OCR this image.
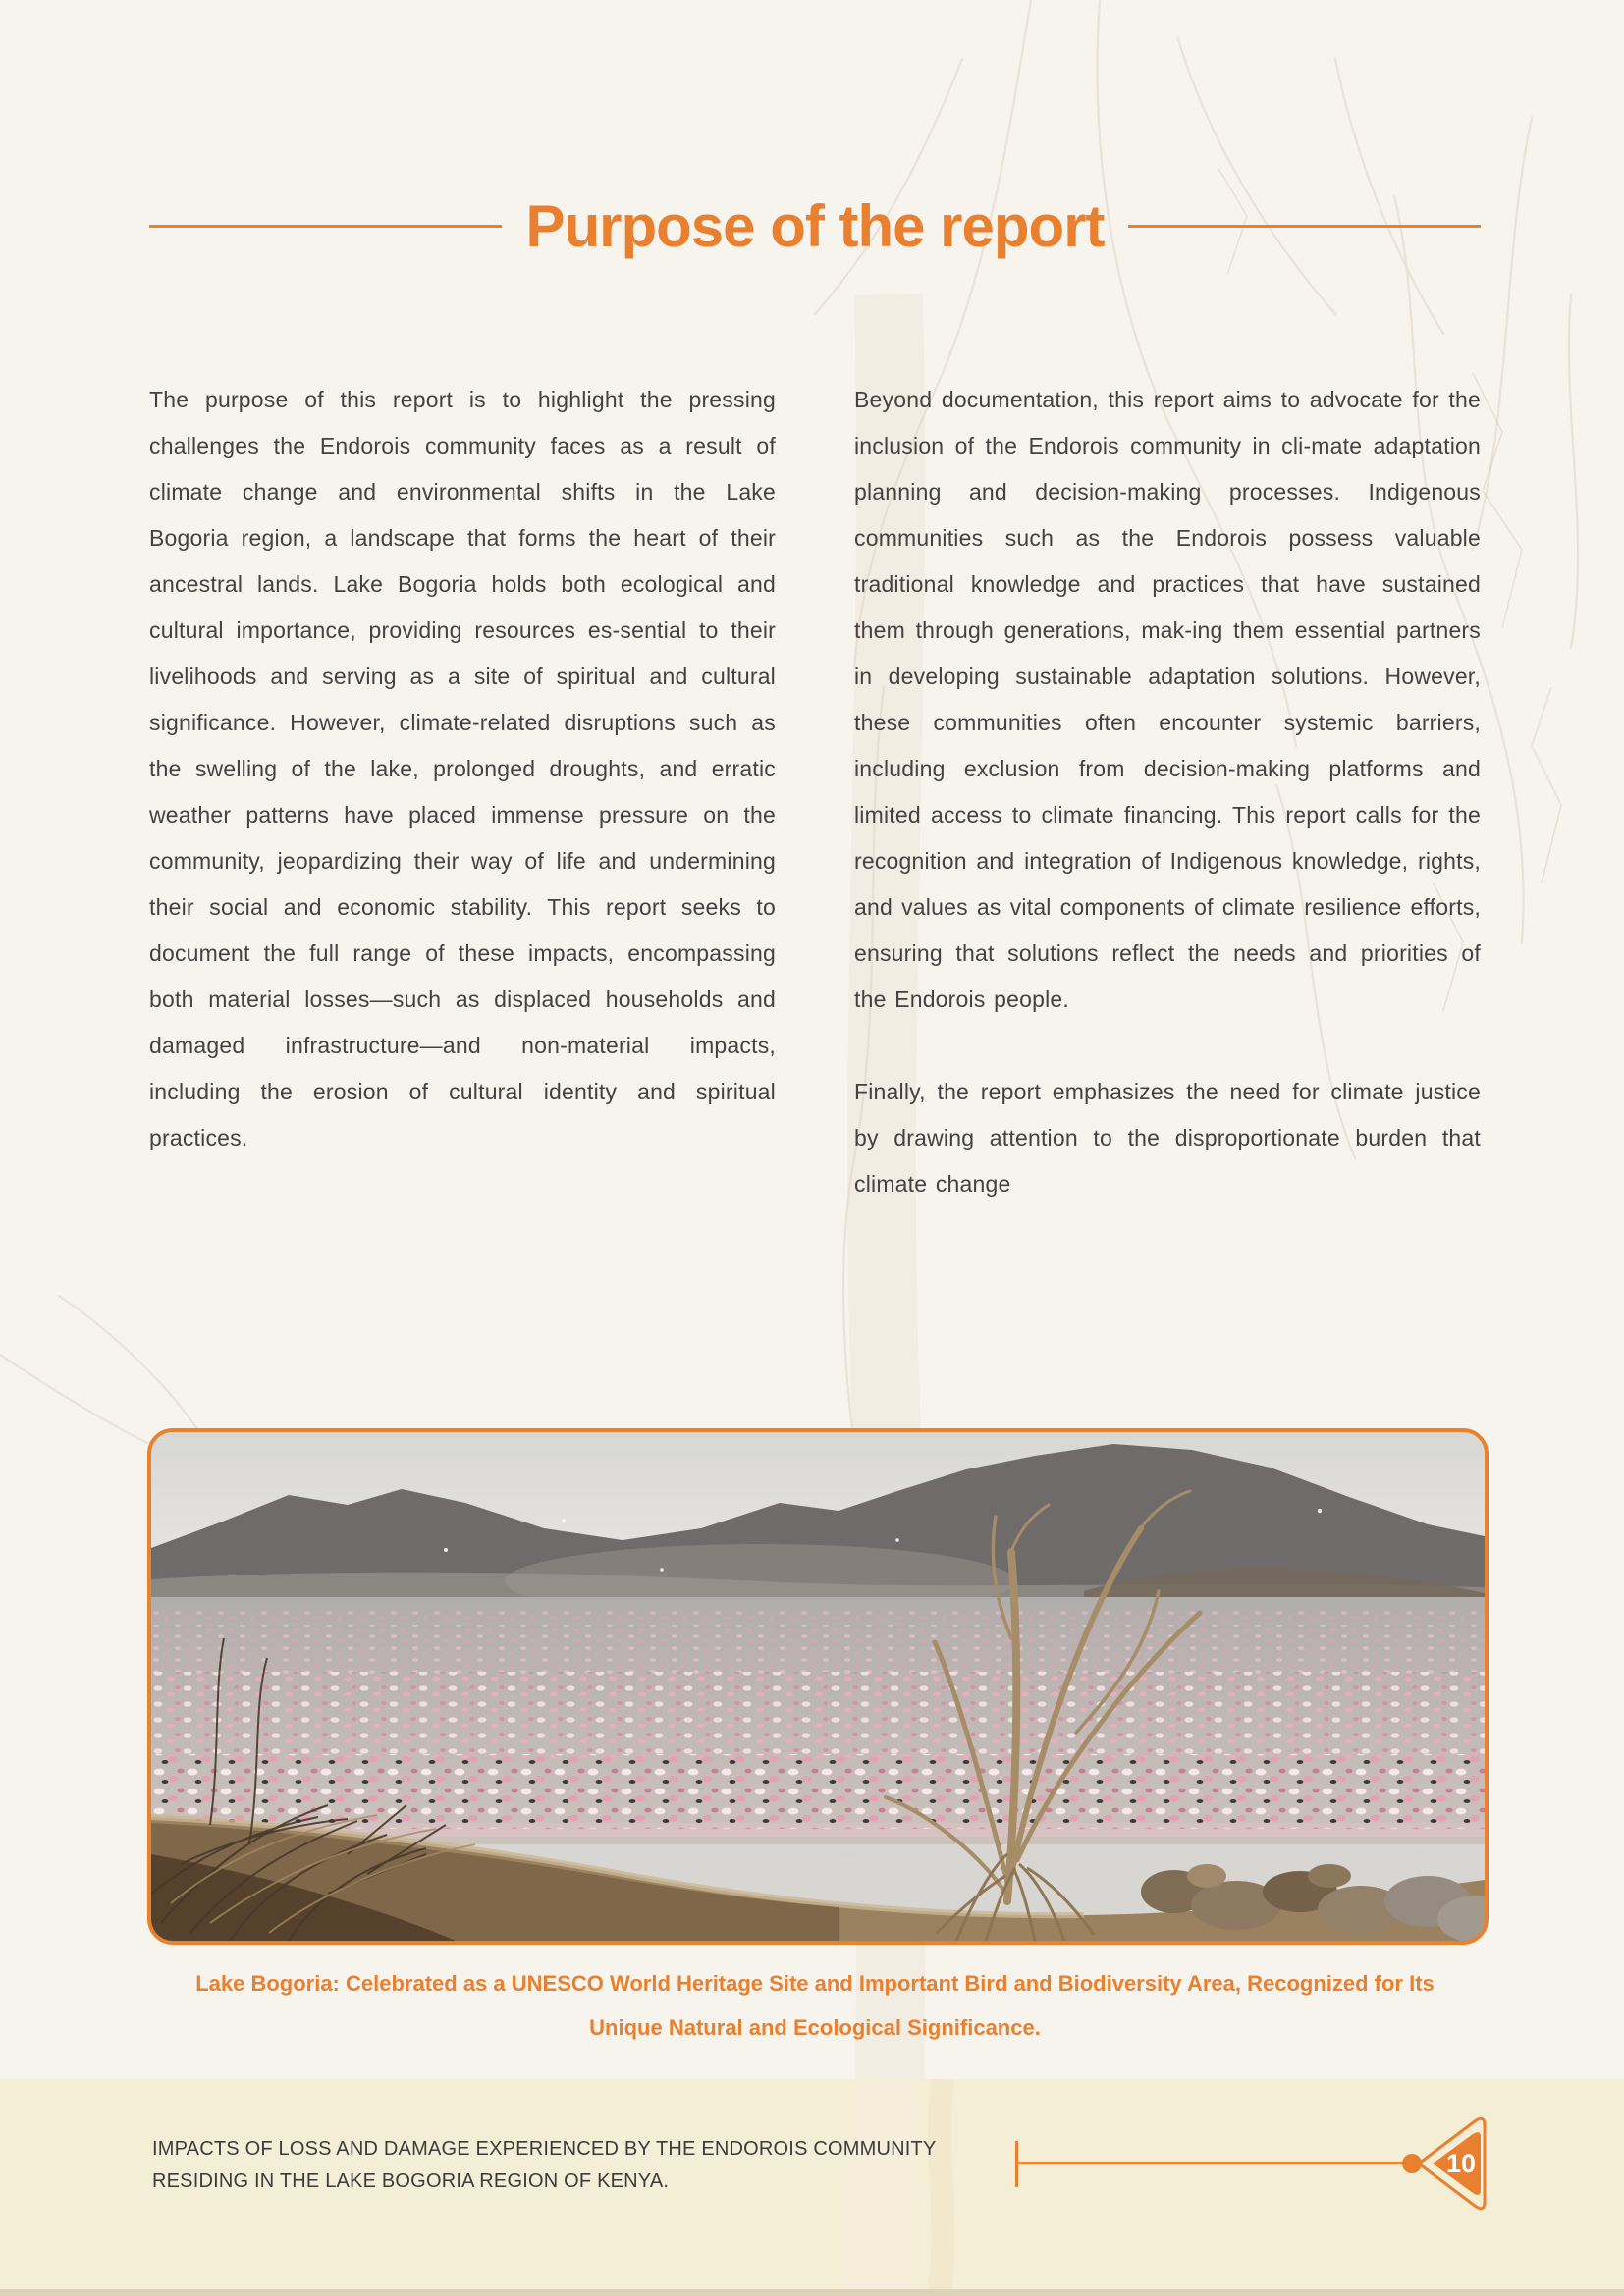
Purpose of the report

The purpose of this report is to highlight the pressing challenges the Endorois community faces as a result of climate change and environmental shifts in the Lake Bogoria region, a landscape that forms the heart of their ancestral lands. Lake Bogoria holds both ecological and cultural importance, providing resources es-sential to their livelihoods and serving as a site of spiritual and cultural significance. However, climate-related disruptions such as the swelling of the lake, prolonged droughts, and erratic weather patterns have placed immense pressure on the community, jeopardizing their way of life and undermining their social and economic stability. This report seeks to document the full range of these impacts, encompassing both material losses—such as displaced households and damaged infrastructure—and non-material impacts, including the erosion of cultural identity and spiritual practices.

Beyond documentation, this report aims to advocate for the inclusion of the Endorois community in cli-mate adaptation planning and decision-making processes. Indigenous communities such as the Endorois possess valuable traditional knowledge and practices that have sustained them through generations, mak-ing them essential partners in developing sustainable adaptation solutions. However, these communities often encounter systemic barriers, including exclusion from decision-making platforms and limited access to climate financing. This report calls for the recognition and integration of Indigenous knowledge, rights, and values as vital components of climate resilience efforts, ensuring that solutions reflect the needs and priorities of the Endorois people.

Finally, the report emphasizes the need for climate justice by drawing attention to the disproportionate burden that climate change

Lake Bogoria: Celebrated as a UNESCO World Heritage Site and Important Bird and Biodiversity Area, Recognized for Its
Unique Natural and Ecological Significance.
IMPACTS OF LOSS AND DAMAGE EXPERIENCED BY THE ENDOROIS COMMUNITY
RESIDING IN THE LAKE BOGORIA REGION OF KENYA.
10
